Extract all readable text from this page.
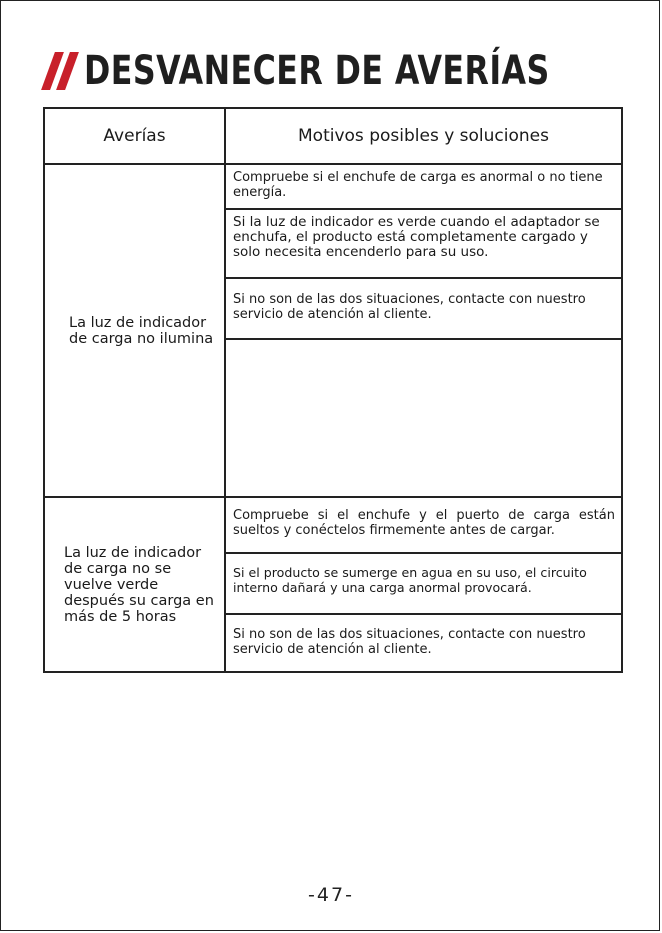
DESVANECER DE AVERÍAS
Averías	Motivos posibles y soluciones

La luz de indicador de carga no ilumina	Compruebe si el enchufe de carga es anormal o no tiene energía.

	Si la luz de indicador es verde cuando el adaptador se enchufa, el producto está completamente cargado y solo necesita encenderlo para su uso.

	Si no son de las dos situaciones, contacte con nuestro servicio de atención al cliente.

La luz de indicador de carga no se vuelve verde después su carga en más de 5 horas	Compruebe si el enchufe y el puerto de carga están sueltos y conéctelos firmemente antes de cargar.

	Si el producto se sumerge en agua en su uso, el circuito interno dañará y una carga anormal provocará.

	Si no son de las dos situaciones, contacte con nuestro servicio de atención al cliente.
-47-
